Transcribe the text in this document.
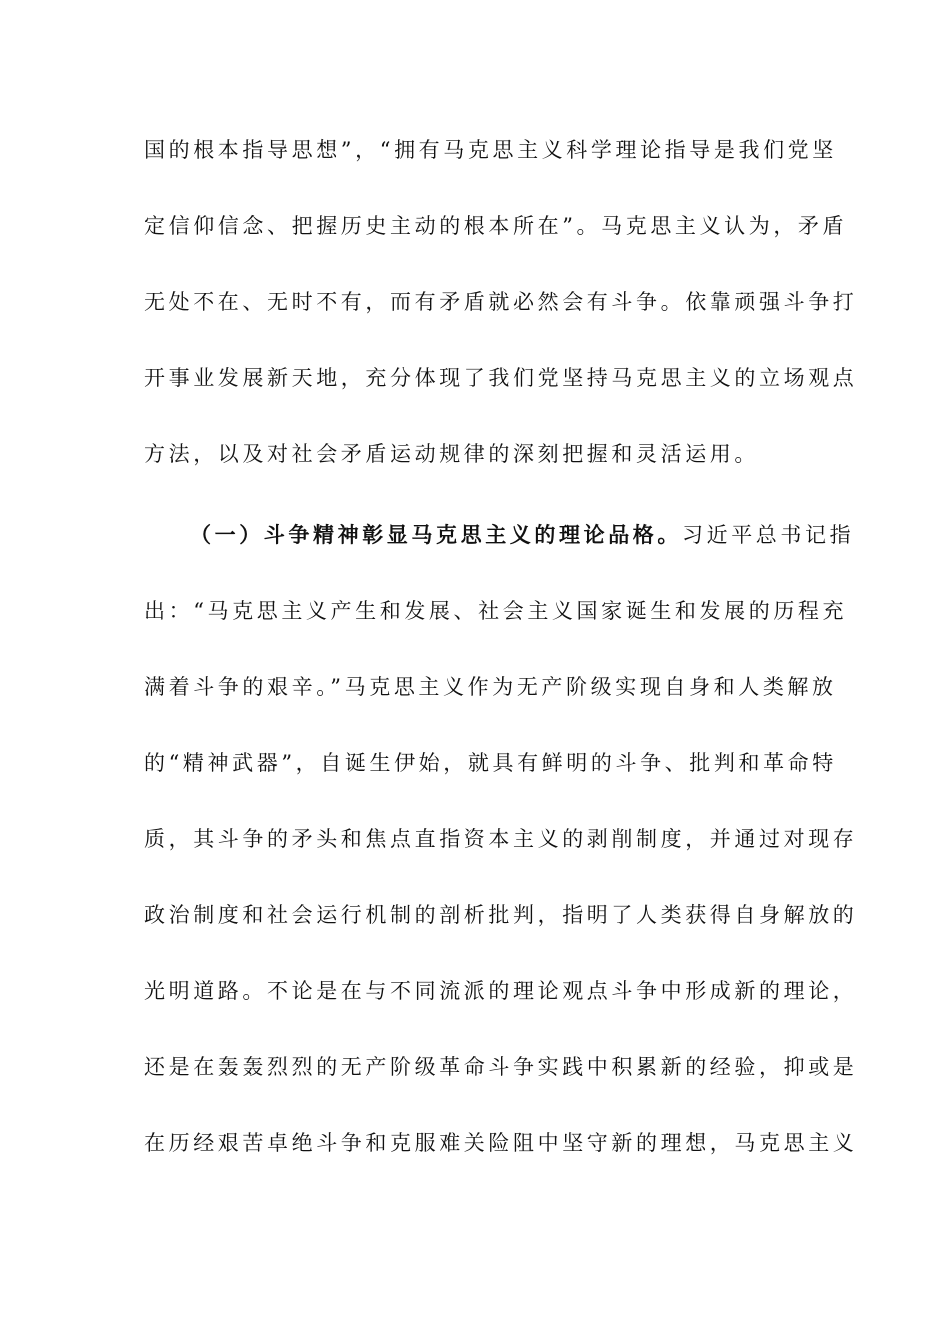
国的根本指导思想”，“拥有马克思主义科学理论指导是我们党坚
定信仰信念、把握历史主动的根本所在”。马克思主义认为，矛盾
无处不在、无时不有，而有矛盾就必然会有斗争。依靠顽强斗争打
开事业发展新天地，充分体现了我们党坚持马克思主义的立场观点
方法，以及对社会矛盾运动规律的深刻把握和灵活运用。
（一）斗争精神彰显马克思主义的理论品格。习近平总书记指
出：“马克思主义产生和发展、社会主义国家诞生和发展的历程充
满着斗争的艰辛。”马克思主义作为无产阶级实现自身和人类解放
的“精神武器”，自诞生伊始，就具有鲜明的斗争、批判和革命特
质，其斗争的矛头和焦点直指资本主义的剥削制度，并通过对现存
政治制度和社会运行机制的剖析批判，指明了人类获得自身解放的
光明道路。不论是在与不同流派的理论观点斗争中形成新的理论，
还是在轰轰烈烈的无产阶级革命斗争实践中积累新的经验，抑或是
在历经艰苦卓绝斗争和克服难关险阻中坚守新的理想，马克思主义
